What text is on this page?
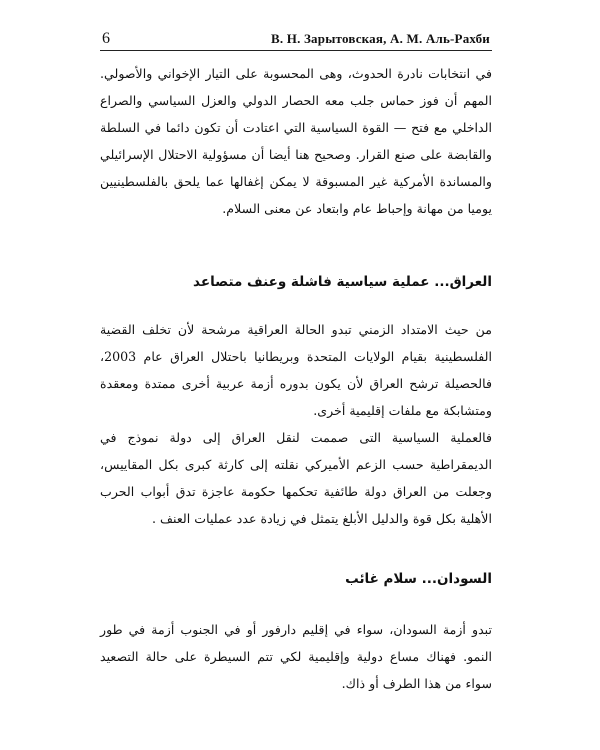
6	В. Н. Зарытовская, А. М. Аль-Рахби

في انتخابات نادرة الحدوث، وهى المحسوبة على التيار الإخواني والأصولي. المهم أن فوز حماس جلب معه الحصار الدولي والعزل السياسي والصراع الداخلي مع فتح — القوة السياسية التي اعتادت أن تكون دائما في السلطة والقابضة على صنع القرار. وصحيح هنا أيضا أن مسؤولية الاحتلال الإسرائيلي والمساندة الأمركية غير المسبوقة لا يمكن إغفالها عما يلحق بالفلسطينيين يوميا من مهانة وإحباط عام وابتعاد عن معنى السلام.

العراق... عملية سياسية فاشلة وعنف متصاعد

من حيث الامتداد الزمني تبدو الحالة العراقية مرشحة لأن تخلف القضية الفلسطينية بقيام الولايات المتحدة وبريطانيا باحتلال العراق عام 2003، فالحصيلة ترشح العراق لأن يكون بدوره أزمة عربية أخرى ممتدة ومعقدة ومتشابكة مع ملفات إقليمية أخرى.

فالعملية السياسية التى صممت لنقل العراق إلى دولة نموذج في الديمقراطية حسب الزعم الأميركي نقلته إلى كارثة كبرى بكل المقاييس، وجعلت من العراق دولة طائفية تحكمها حكومة عاجزة تدق أبواب الحرب الأهلية بكل قوة والدليل الأبلغ يتمثل في زيادة عدد عمليات العنف .

السودان... سلام غائب

تبدو أزمة السودان، سواء في إقليم دارفور أو في الجنوب أزمة في طور النمو. فهناك مساع دولية وإقليمية لكي تتم السيطرة على حالة التصعيد سواء من هذا الطرف أو ذاك.
